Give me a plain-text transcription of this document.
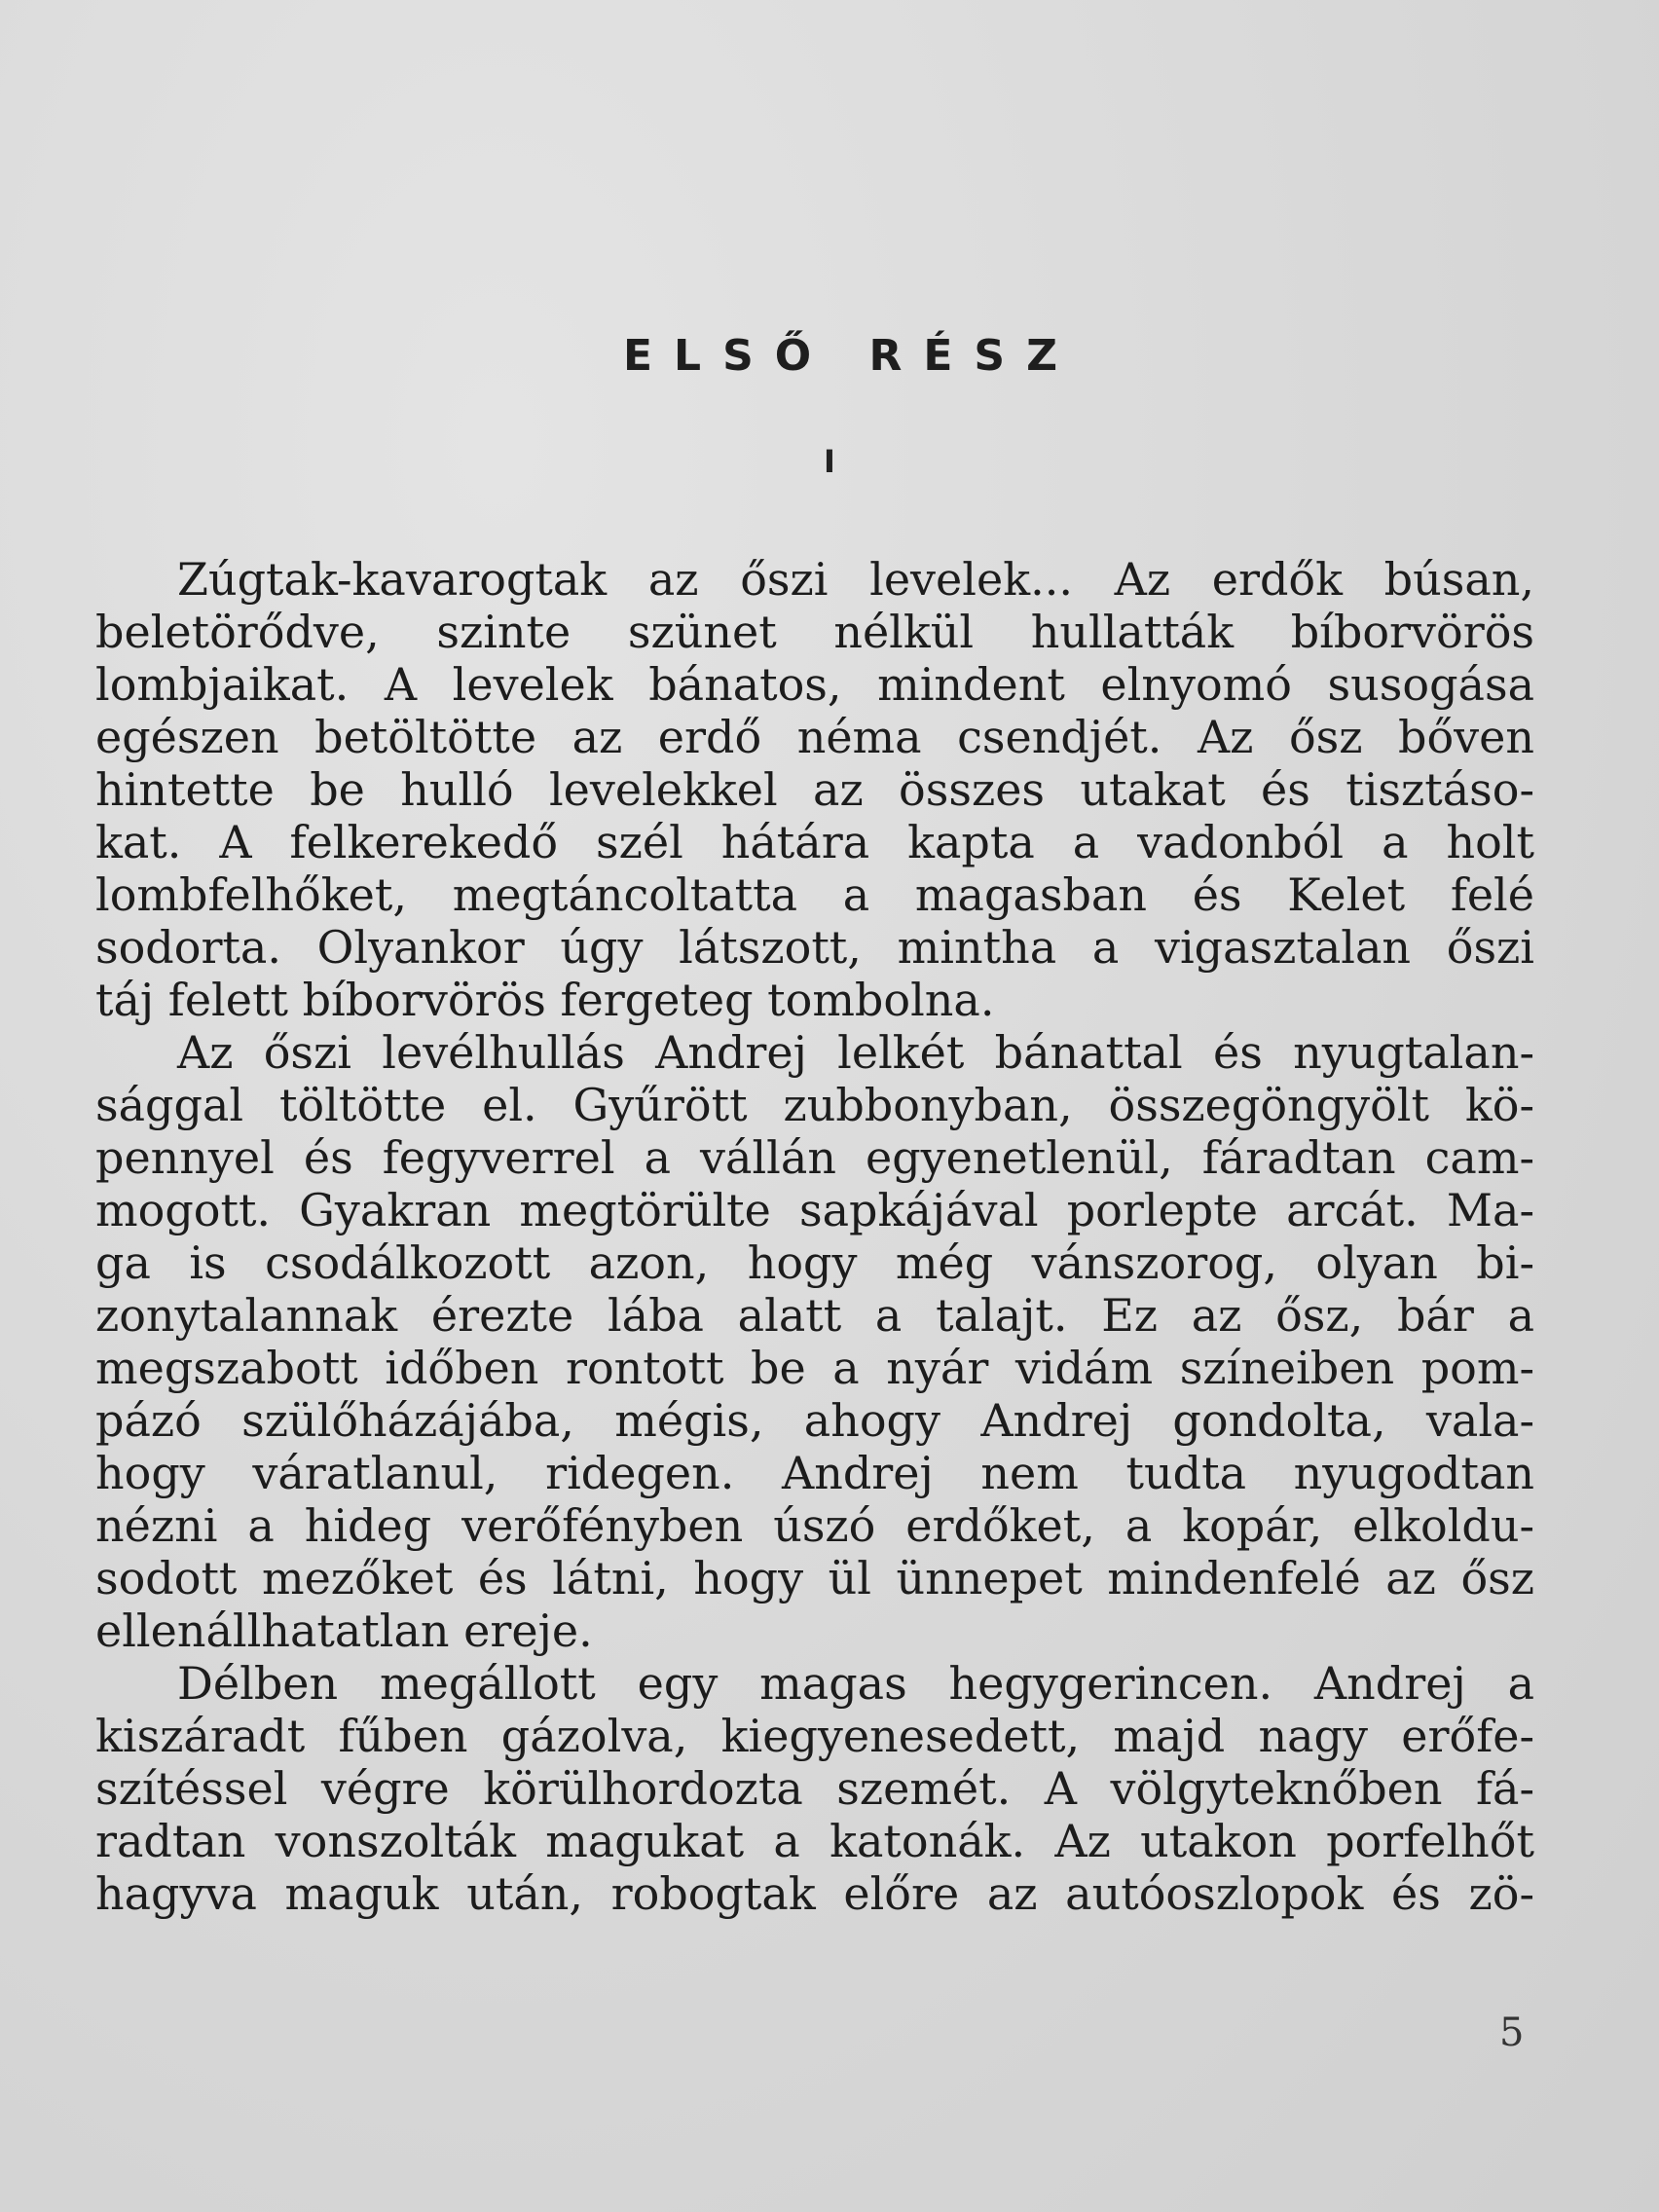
ELSŐ RÉSZ
I
Zúgtak-kavarogtak az őszi levelek... Az erdők búsan,
beletörődve, szinte szünet nélkül hullatták bíborvörös
lombjaikat. A levelek bánatos, mindent elnyomó susogása
egészen betöltötte az erdő néma csendjét. Az ősz bőven
hintette be hulló levelekkel az összes utakat és tisztáso-
kat. A felkerekedő szél hátára kapta a vadonból a holt
lombfelhőket, megtáncoltatta a magasban és Kelet felé
sodorta. Olyankor úgy látszott, mintha a vigasztalan őszi
táj felett bíborvörös fergeteg tombolna.
Az őszi levélhullás Andrej lelkét bánattal és nyugtalan-
sággal töltötte el. Gyűrött zubbonyban, összegöngyölt kö-
pennyel és fegyverrel a vállán egyenetlenül, fáradtan cam-
mogott. Gyakran megtörülte sapkájával porlepte arcát. Ma-
ga is csodálkozott azon, hogy még vánszorog, olyan bi-
zonytalannak érezte lába alatt a talajt. Ez az ősz, bár a
megszabott időben rontott be a nyár vidám színeiben pom-
pázó szülőházájába, mégis, ahogy Andrej gondolta, vala-
hogy váratlanul, ridegen. Andrej nem tudta nyugodtan
nézni a hideg verőfényben úszó erdőket, a kopár, elkoldu-
sodott mezőket és látni, hogy ül ünnepet mindenfelé az ősz
ellenállhatatlan ereje.
Délben megállott egy magas hegygerincen. Andrej a
kiszáradt fűben gázolva, kiegyenesedett, majd nagy erőfe-
szítéssel végre körülhordozta szemét. A völgyteknőben fá-
radtan vonszolták magukat a katonák. Az utakon porfelhőt
hagyva maguk után, robogtak előre az autóoszlopok és zö-
5
